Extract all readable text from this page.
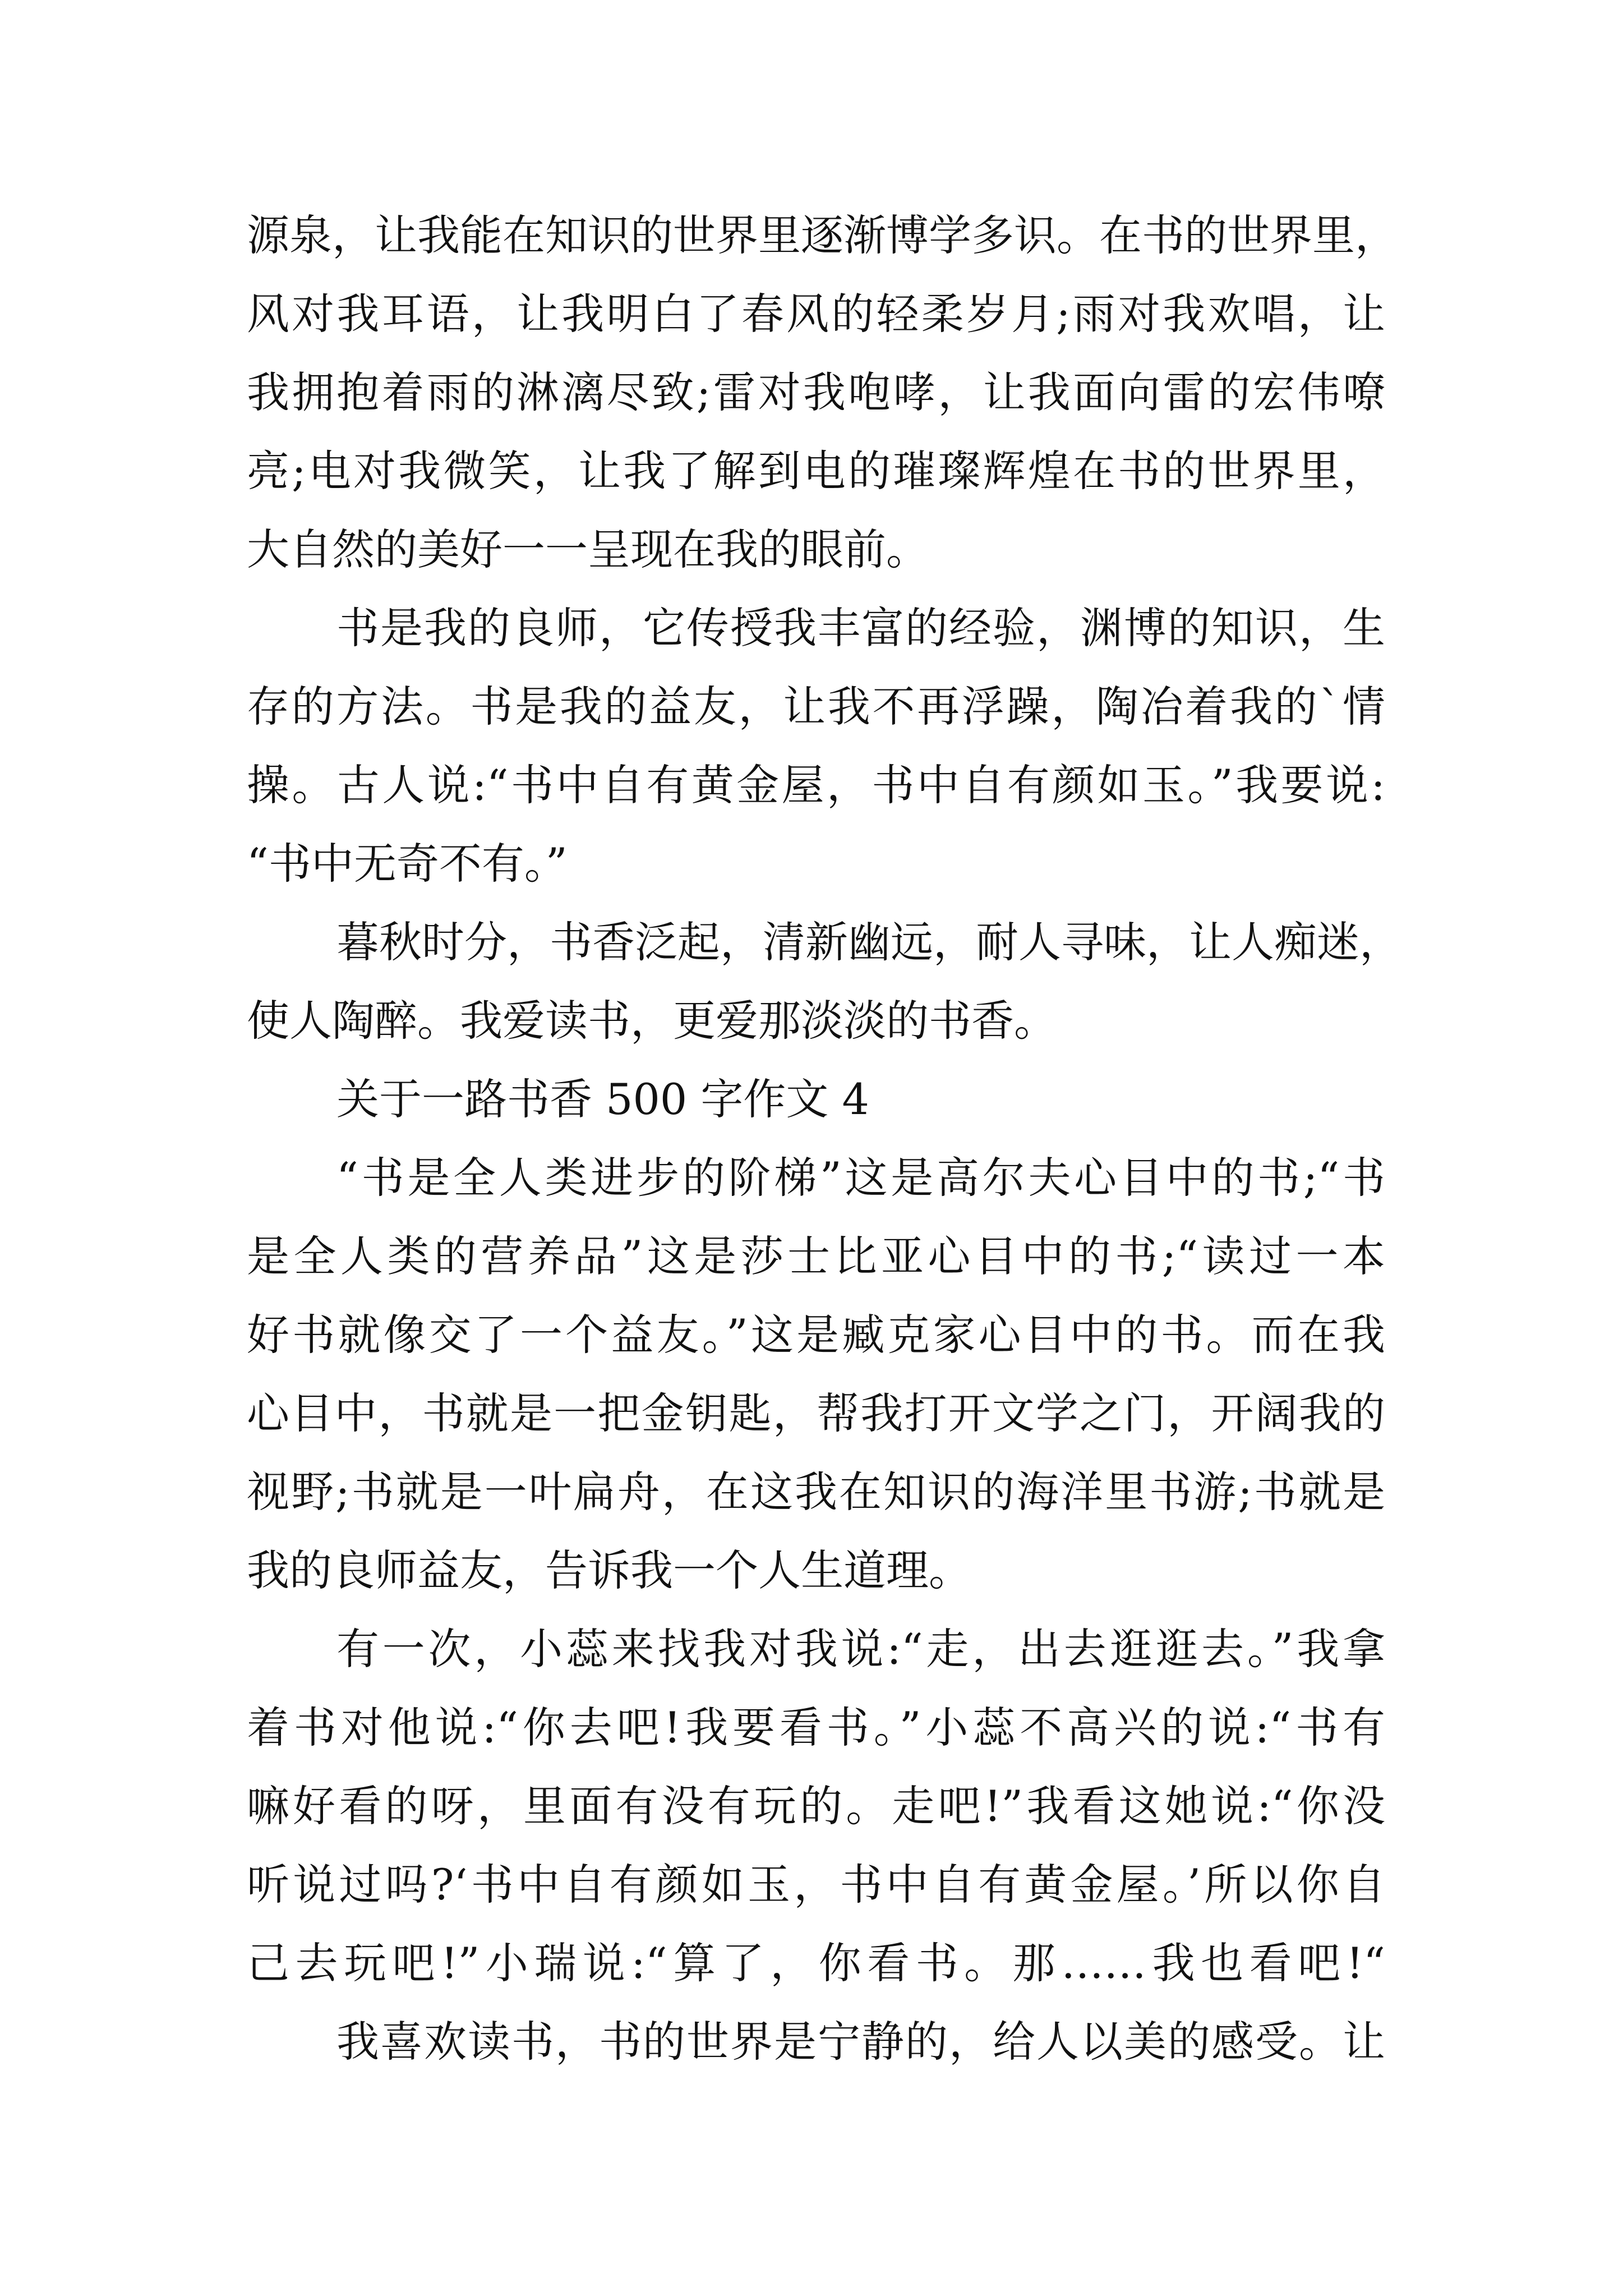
源泉，让我能在知识的世界里逐渐博学多识。在书的世界里，
风对我耳语，让我明白了春风的轻柔岁月;雨对我欢唱，让
我拥抱着雨的淋漓尽致;雷对我咆哮，让我面向雷的宏伟嘹
亮;电对我微笑，让我了解到电的璀璨辉煌在书的世界里，
大自然的美好一一呈现在我的眼前。
书是我的良师，它传授我丰富的经验，渊博的知识，生
存的方法。书是我的益友，让我不再浮躁，陶冶着我的`情
操。古人说:“书中自有黄金屋，书中自有颜如玉。”我要说:
“书中无奇不有。”
暮秋时分，书香泛起，清新幽远，耐人寻味，让人痴迷，
使人陶醉。我爱读书，更爱那淡淡的书香。
关于一路书香 500 字作文 4
“书是全人类进步的阶梯”这是高尔夫心目中的书;“书
是全人类的营养品”这是莎士比亚心目中的书;“读过一本
好书就像交了一个益友。”这是臧克家心目中的书。而在我
心目中，书就是一把金钥匙，帮我打开文学之门，开阔我的
视野;书就是一叶扁舟，在这我在知识的海洋里书游;书就是
我的良师益友，告诉我一个人生道理。
有一次，小蕊来找我对我说:“走，出去逛逛去。”我拿
着书对他说:“你去吧!我要看书。”小蕊不高兴的说:“书有
嘛好看的呀，里面有没有玩的。走吧!”我看这她说:“你没
听说过吗?‘书中自有颜如玉，书中自有黄金屋。’所以你自
己去玩吧!”小瑞说:“算了，你看书。那……我也看吧!“
我喜欢读书，书的世界是宁静的，给人以美的感受。让
